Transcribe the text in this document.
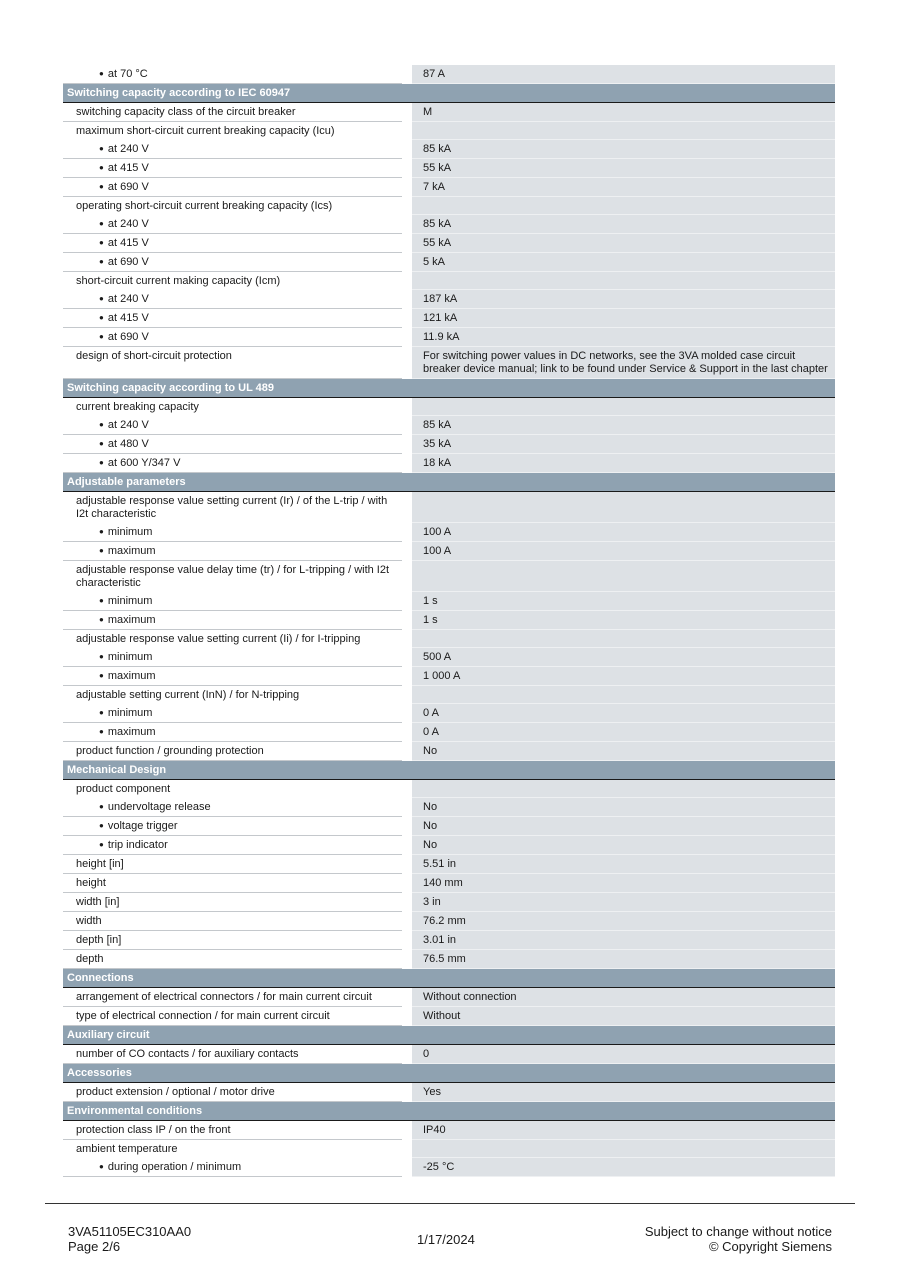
● at 70 °C	87 A
Switching capacity according to IEC 60947
switching capacity class of the circuit breaker	M
maximum short-circuit current breaking capacity (Icu)
● at 240 V	85 kA
● at 415 V	55 kA
● at 690 V	7 kA
operating short-circuit current breaking capacity (Ics)
● at 240 V	85 kA
● at 415 V	55 kA
● at 690 V	5 kA
short-circuit current making capacity (Icm)
● at 240 V	187 kA
● at 415 V	121 kA
● at 690 V	11.9 kA
design of short-circuit protection	For switching power values in DC networks, see the 3VA molded case circuit breaker device manual; link to be found under Service & Support in the last chapter
Switching capacity according to UL 489
current breaking capacity
● at 240 V	85 kA
● at 480 V	35 kA
● at 600 Y/347 V	18 kA
Adjustable parameters
adjustable response value setting current (Ir) / of the L-trip / with I2t characteristic
● minimum	100 A
● maximum	100 A
adjustable response value delay time (tr) / for L-tripping / with I2t characteristic
● minimum	1 s
● maximum	1 s
adjustable response value setting current (Ii) / for I-tripping
● minimum	500 A
● maximum	1 000 A
adjustable setting current (InN) / for N-tripping
● minimum	0 A
● maximum	0 A
product function / grounding protection	No
Mechanical Design
product component
● undervoltage release	No
● voltage trigger	No
● trip indicator	No
height [in]	5.51 in
height	140 mm
width [in]	3 in
width	76.2 mm
depth [in]	3.01 in
depth	76.5 mm
Connections
arrangement of electrical connectors / for main current circuit	Without connection
type of electrical connection / for main current circuit	Without
Auxiliary circuit
number of CO contacts / for auxiliary contacts	0
Accessories
product extension / optional / motor drive	Yes
Environmental conditions
protection class IP / on the front	IP40
ambient temperature
● during operation / minimum	-25 °C
3VA51105EC310AA0
Page 2/6	1/17/2024
Subject to change without notice
© Copyright Siemens
